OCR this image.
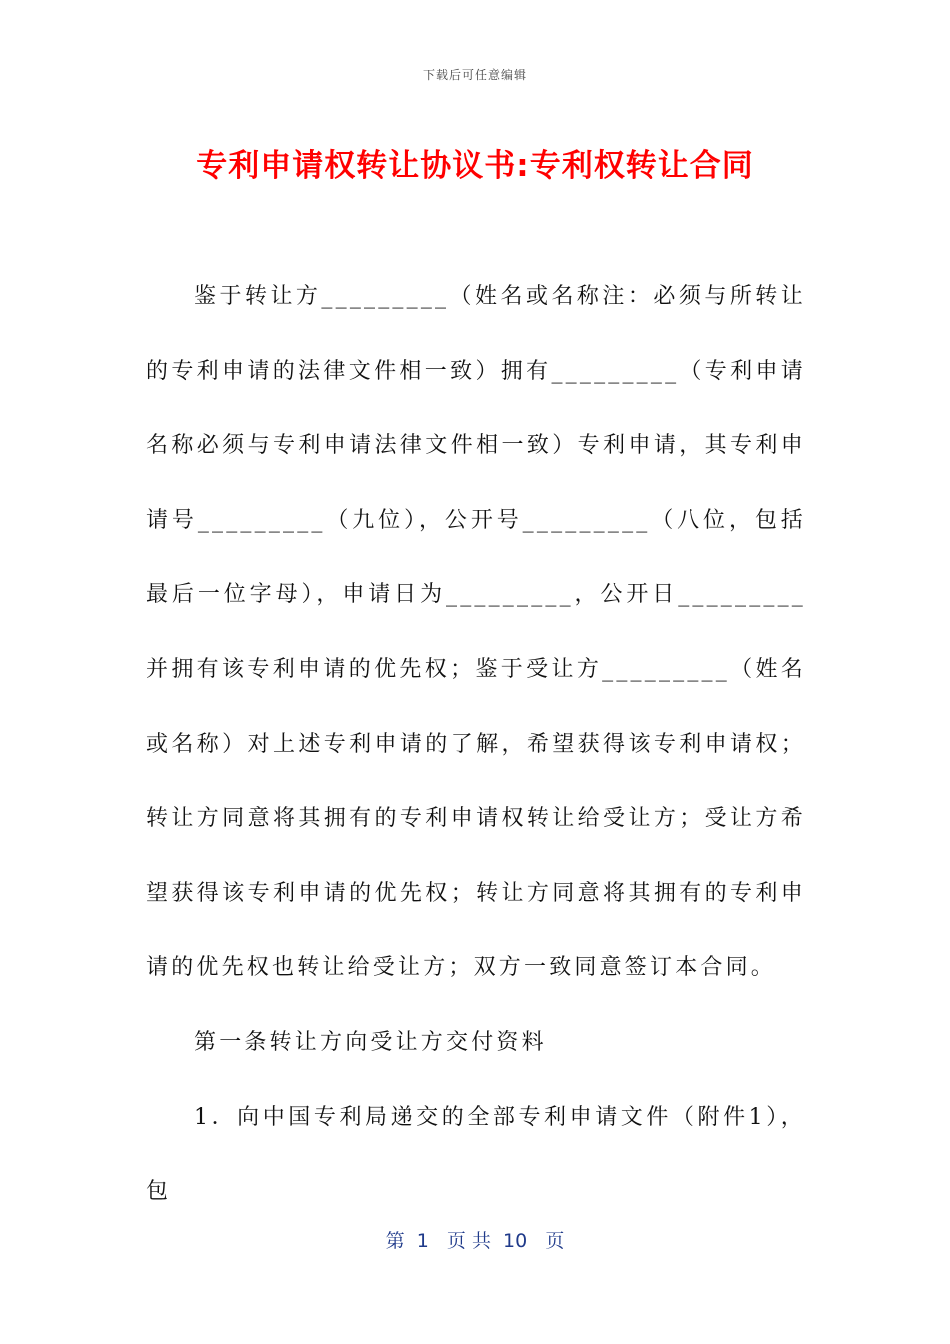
下载后可任意编辑
专利申请权转让协议书:专利权转让合同

鉴于转让方_________（姓名或名称注：必须与所转让的专利申请的法律文件相一致）拥有_________（专利申请名称必须与专利申请法律文件相一致）专利申请，其专利申请号_________（九位），公开号_________（八位，包括最后一位字母），申请日为_________，公开日_________并拥有该专利申请的优先权；鉴于受让方_________（姓名或名称）对上述专利申请的了解，希望获得该专利申请权；转让方同意将其拥有的专利申请权转让给受让方；受让方希望获得该专利申请的优先权；转让方同意将其拥有的专利申请的优先权也转让给受让方；双方一致同意签订本合同。

第一条转让方向受让方交付资料

1．向中国专利局递交的全部专利申请文件（附件1），包

第  1   页 共  10   页
